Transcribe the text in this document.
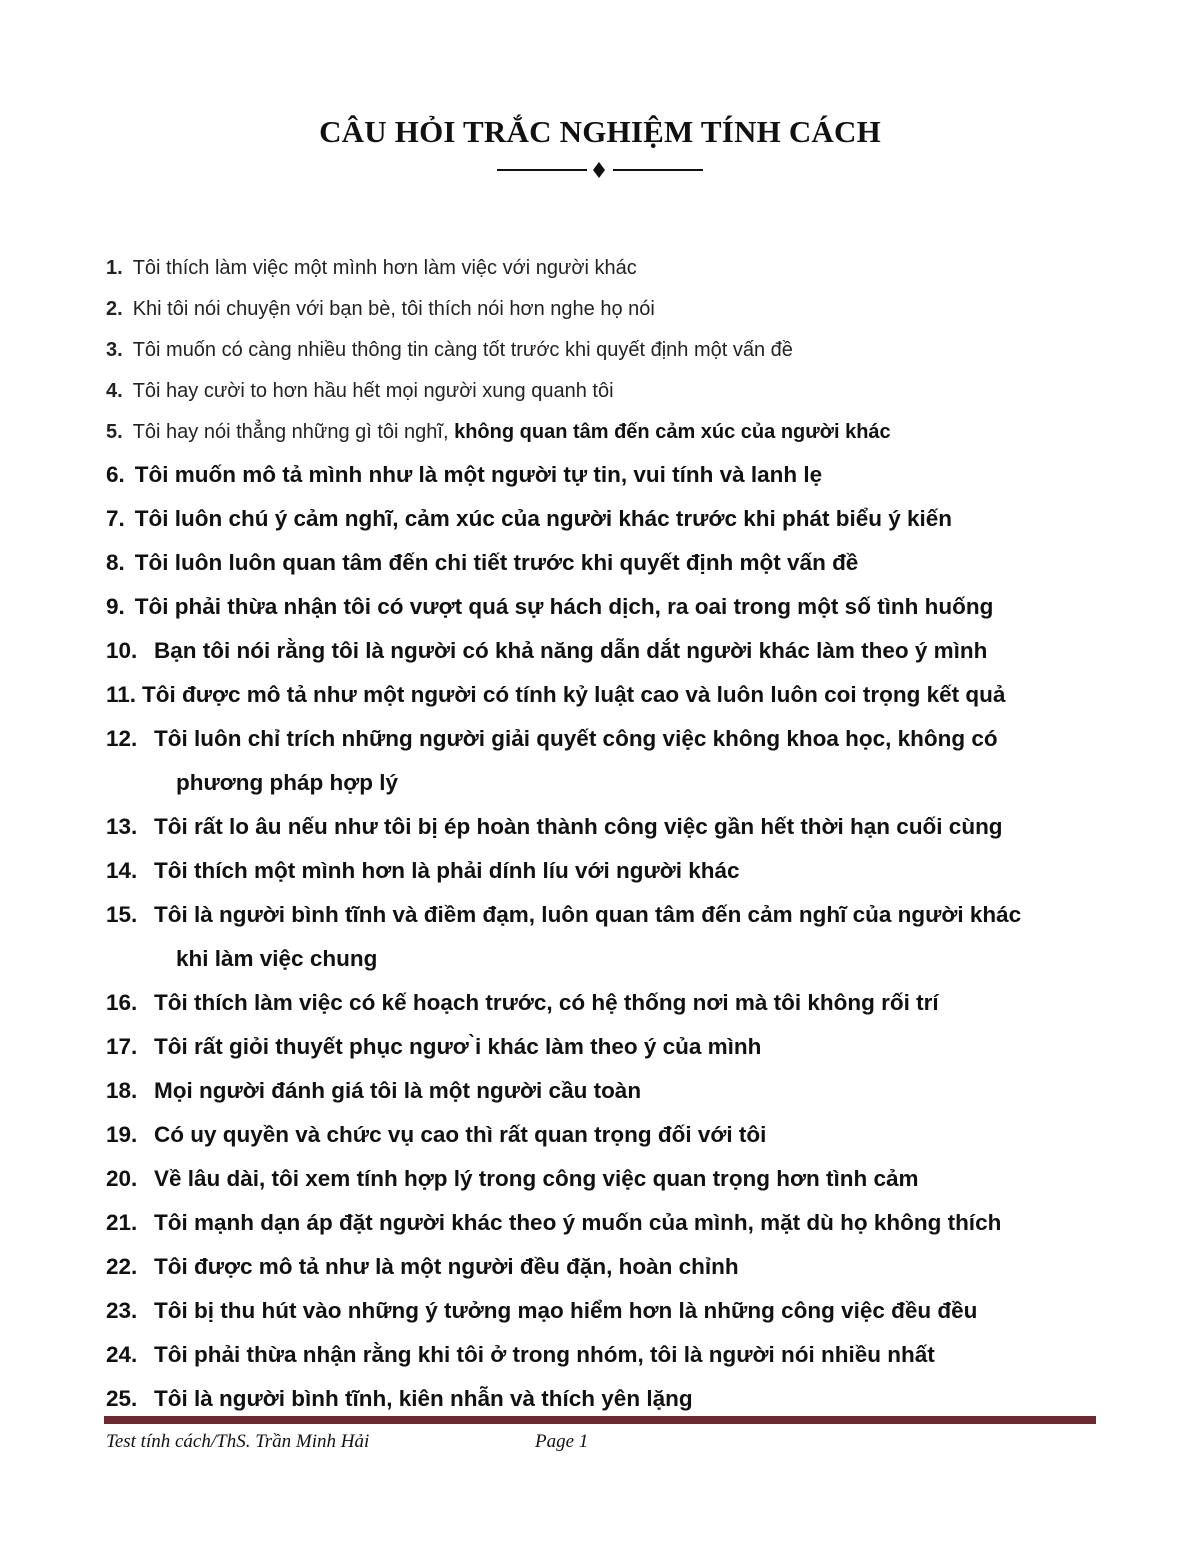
CÂU HỎI TRẮC NGHIỆM TÍNH CÁCH
1. Tôi thích làm việc một mình hơn làm việc với người khác
2. Khi tôi nói chuyện với bạn bè, tôi thích nói hơn nghe họ nói
3. Tôi muốn có càng nhiều thông tin càng tốt trước khi quyết định một vấn đề
4. Tôi hay cười to hơn hầu hết mọi người xung quanh tôi
5. Tôi hay nói thẳng những gì tôi nghĩ, không quan tâm đến cảm xúc của người khác
6. Tôi muốn mô tả mình như là một người tự tin, vui tính và lanh lẹ
7. Tôi luôn chú ý cảm nghĩ, cảm xúc của người khác trước khi phát biểu ý kiến
8. Tôi luôn luôn quan tâm đến chi tiết trước khi quyết định một vấn đề
9. Tôi phải thừa nhận tôi có vượt quá sự hách dịch, ra oai trong một số tình huống
10. Bạn tôi nói rằng tôi là người có khả năng dẫn dắt người khác làm theo ý mình
11. Tôi được mô tả như một người có tính kỷ luật cao và luôn luôn coi trọng kết quả
12. Tôi luôn chỉ trích những người giải quyết công việc không khoa học, không có
phương pháp hợp lý
13. Tôi rất lo âu nếu như tôi bị ép hoàn thành công việc gần hết thời hạn cuối cùng
14. Tôi thích một mình hơn là phải dính líu với người khác
15. Tôi là người bình tĩnh và điềm đạm, luôn quan tâm đến cảm nghĩ của người khác
khi làm việc chung
16. Tôi thích làm việc có kế hoạch trước, có hệ thống nơi mà tôi không rối trí
17. Tôi rất giỏi thuyết phục ngươ ̀i khác làm theo ý của mình
18. Mọi người đánh giá tôi là một người cầu toàn
19. Có uy quyền và chức vụ cao thì rất quan trọng đối với tôi
20. Về lâu dài, tôi xem tính hợp lý trong công việc quan trọng hơn tình cảm
21. Tôi mạnh dạn áp đặt người khác theo ý muốn của mình, mặt dù họ không thích
22. Tôi được mô tả như là một người đều đặn, hoàn chỉnh
23. Tôi bị thu hút vào những ý tưởng mạo hiểm hơn là những công việc đều đều
24. Tôi phải thừa nhận rằng khi tôi ở trong nhóm, tôi là người nói nhiều nhất
25. Tôi là người bình tĩnh, kiên nhẫn và thích yên lặng
Test tính cách/ThS. Trần Minh Hải	Page 1
